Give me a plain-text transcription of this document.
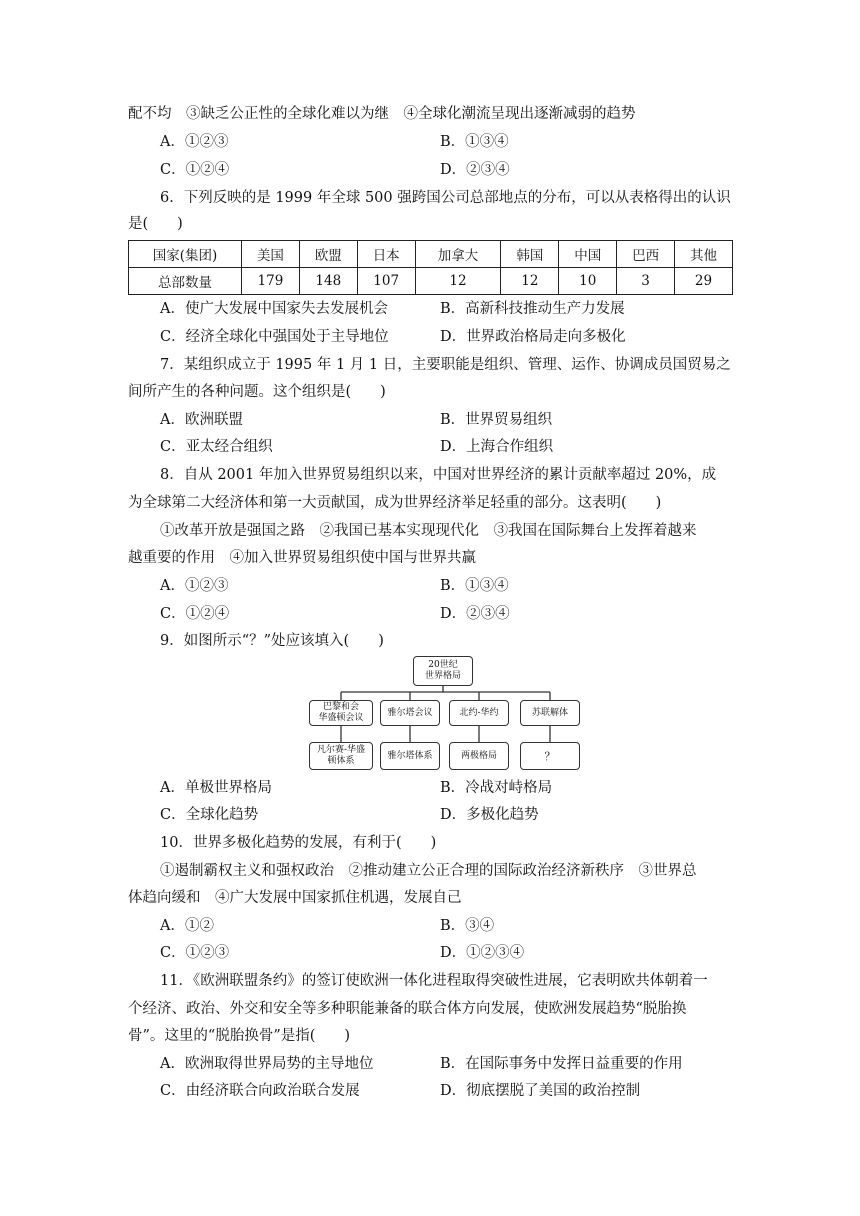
配不均　③缺乏公正性的全球化难以为继　④全球化潮流呈现出逐渐减弱的趋势
A．①②③	B．①③④
C．①②④	D．②③④
6．下列反映的是 1999 年全球 500 强跨国公司总部地点的分布，可以从表格得出的认识
是(　　)
国家(集团)	美国	欧盟	日本	加拿大	韩国	中国	巴西	其他
总部数量	179	148	107	12	12	10	3	29
A．使广大发展中国家失去发展机会	B．高新科技推动生产力发展
C．经济全球化中强国处于主导地位	D．世界政治格局走向多极化
7．某组织成立于 1995 年 1 月 1 日，主要职能是组织、管理、运作、协调成员国贸易之
间所产生的各种问题。这个组织是(　　)
A．欧洲联盟	B．世界贸易组织
C．亚太经合组织	D．上海合作组织
8．自从 2001 年加入世界贸易组织以来，中国对世界经济的累计贡献率超过 20%，成
为全球第二大经济体和第一大贡献国，成为世界经济举足轻重的部分。这表明(　　)
①改革开放是强国之路　②我国已基本实现现代化　③我国在国际舞台上发挥着越来
越重要的作用　④加入世界贸易组织使中国与世界共赢
A．①②③	B．①③④
C．①②④	D．②③④
9．如图所示“？”处应该填入(　　)
20世纪
世界格局
巴黎和会
华盛顿会议
雅尔塔会议	北约-华约	苏联解体
凡尔赛-华盛
顿体系
雅尔塔体系	两极格局	？
A．单极世界格局	B．冷战对峙格局
C．全球化趋势	D．多极化趋势
10．世界多极化趋势的发展，有利于(　　)
①遏制霸权主义和强权政治　②推动建立公正合理的国际政治经济新秩序　③世界总
体趋向缓和　④广大发展中国家抓住机遇，发展自己
A．①②	B．③④
C．①②③	D．①②③④
11．《欧洲联盟条约》的签订使欧洲一体化进程取得突破性进展，它表明欧共体朝着一
个经济、政治、外交和安全等多种职能兼备的联合体方向发展，使欧洲发展趋势“脱胎换
骨”。这里的“脱胎换骨”是指(　　)
A．欧洲取得世界局势的主导地位	B．在国际事务中发挥日益重要的作用
C．由经济联合向政治联合发展	D．彻底摆脱了美国的政治控制
